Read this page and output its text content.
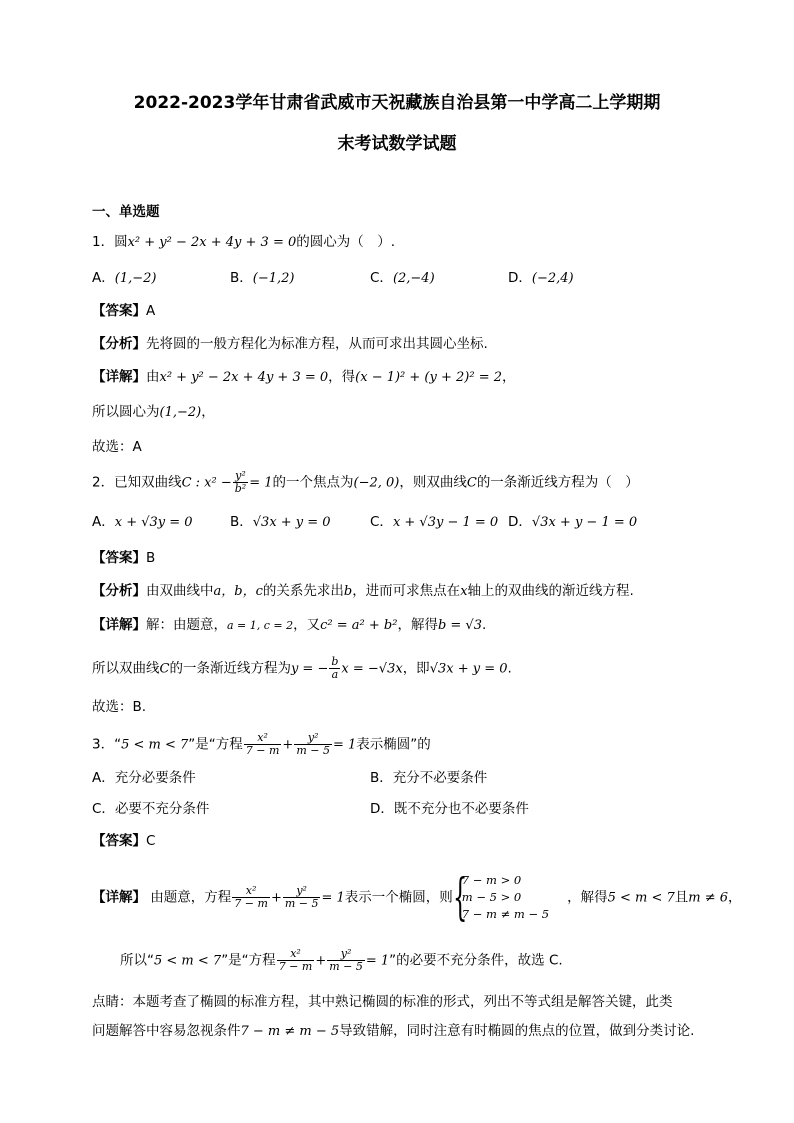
2022-2023学年甘肃省武威市天祝藏族自治县第一中学高二上学期期
末考试数学试题
一、单选题
1．圆x² + y² − 2x + 4y + 3 = 0的圆心为（　）.
A．(1,−2)	B．(−1,2)	C．(2,−4)	D．(−2,4)
【答案】A
【分析】先将圆的一般方程化为标准方程，从而可求出其圆心坐标.
【详解】由x² + y² − 2x + 4y + 3 = 0，得(x − 1)² + (y + 2)² = 2，
所以圆心为(1,−2)，
故选：A
2．已知双曲线C : $x^2 - \frac{\text{y²}}{\text{b²}} = 1$的一个焦点为(−2, 0)，则双曲线C的一条渐近线方程为（　）
A．x + √3y = 0	B．√3x + y = 0	C．x + √3y − 1 = 0 D．√3x + y − 1 = 0
【答案】B
【分析】由双曲线中a，b，c的关系先求出b，进而可求焦点在x轴上的双曲线的渐近线方程.
【详解】解：由题意，a = 1, c = 2，又c² = a² + b²，解得b = √3.
所以双曲线C的一条渐近线方程为y = − $\frac{b}{a}$ x = −√3x，即√3x + y = 0.
故选：B.
3．“5 < m < 7”是“方程 $\frac{\text{x²}}{7 - m} + \frac{\text{y²}}{m - 5} = 1$表示椭圆”的
A．充分必要条件	B．充分不必要条件
C．必要不充分条件	D．既不充分也不必要条件
【答案】C
【详解】 由题意，方程 $\frac{\text{x²}}{7 - m} + \frac{\text{y²}}{m - 5} = 1$表示一个椭圆，则 {
7 − m > 0
m − 5 > 0
7 − m ≠ m − 5
，解得5 < m < 7且m ≠ 6，
所以“5 < m < 7”是“方程 $\frac{\text{x²}}{7 - m} + \frac{\text{y²}}{m - 5} = 1$”的必要不充分条件，故选 C.
点睛：本题考查了椭圆的标准方程，其中熟记椭圆的标准的形式，列出不等式组是解答关键，此类
问题解答中容易忽视条件7 − m ≠ m − 5导致错解，同时注意有时椭圆的焦点的位置，做到分类讨论.
